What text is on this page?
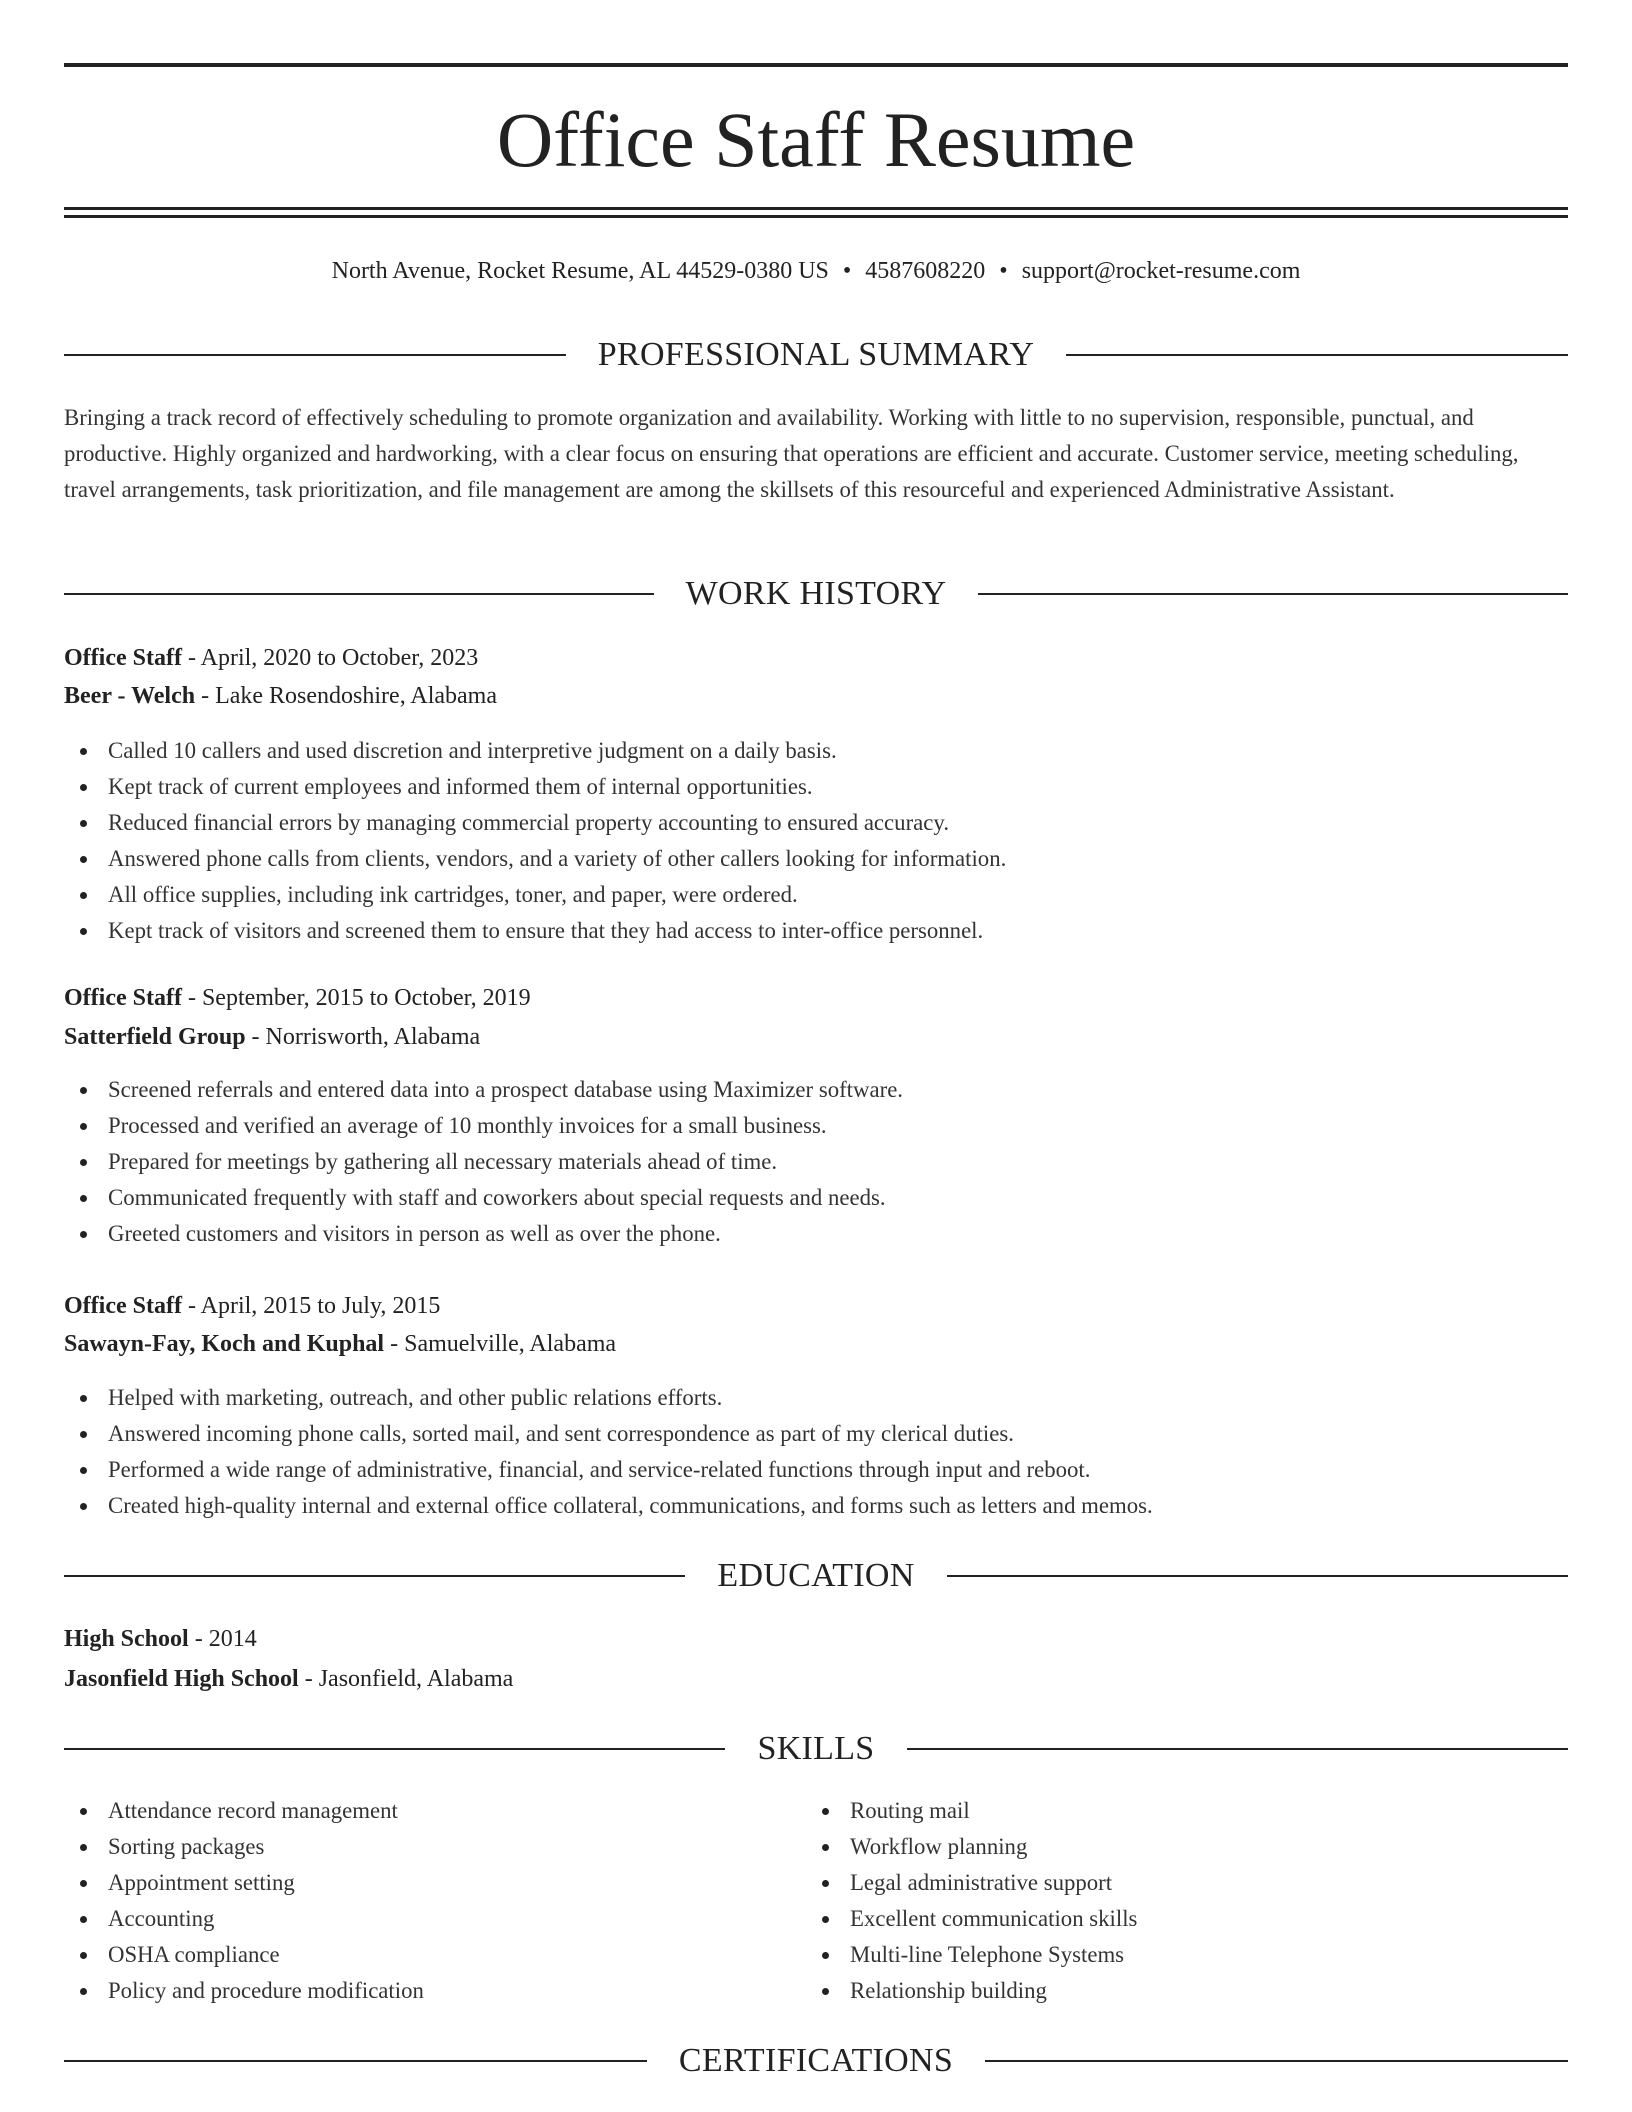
Office Staff Resume
North Avenue, Rocket Resume, AL 44529-0380 US • 4587608220 • support@rocket-resume.com
PROFESSIONAL SUMMARY

Bringing a track record of effectively scheduling to promote organization and availability. Working with little to no supervision, responsible, punctual, and productive. Highly organized and hardworking, with a clear focus on ensuring that operations are efficient and accurate. Customer service, meeting scheduling, travel arrangements, task prioritization, and file management are among the skillsets of this resourceful and experienced Administrative Assistant.

WORK HISTORY
Office Staff - April, 2020 to October, 2023
Beer - Welch - Lake Rosendoshire, Alabama
Called 10 callers and used discretion and interpretive judgment on a daily basis.
Kept track of current employees and informed them of internal opportunities.
Reduced financial errors by managing commercial property accounting to ensured accuracy.
Answered phone calls from clients, vendors, and a variety of other callers looking for information.
All office supplies, including ink cartridges, toner, and paper, were ordered.
Kept track of visitors and screened them to ensure that they had access to inter-office personnel.
Office Staff - September, 2015 to October, 2019
Satterfield Group - Norrisworth, Alabama
Screened referrals and entered data into a prospect database using Maximizer software.
Processed and verified an average of 10 monthly invoices for a small business.
Prepared for meetings by gathering all necessary materials ahead of time.
Communicated frequently with staff and coworkers about special requests and needs.
Greeted customers and visitors in person as well as over the phone.
Office Staff - April, 2015 to July, 2015
Sawayn-Fay, Koch and Kuphal - Samuelville, Alabama
Helped with marketing, outreach, and other public relations efforts.
Answered incoming phone calls, sorted mail, and sent correspondence as part of my clerical duties.
Performed a wide range of administrative, financial, and service-related functions through input and reboot.
Created high-quality internal and external office collateral, communications, and forms such as letters and memos.
EDUCATION
High School - 2014
Jasonfield High School - Jasonfield, Alabama
SKILLS
Attendance record management
Sorting packages
Appointment setting
Accounting
OSHA compliance
Policy and procedure modification
Routing mail
Workflow planning
Legal administrative support
Excellent communication skills
Multi-line Telephone Systems
Relationship building
CERTIFICATIONS
